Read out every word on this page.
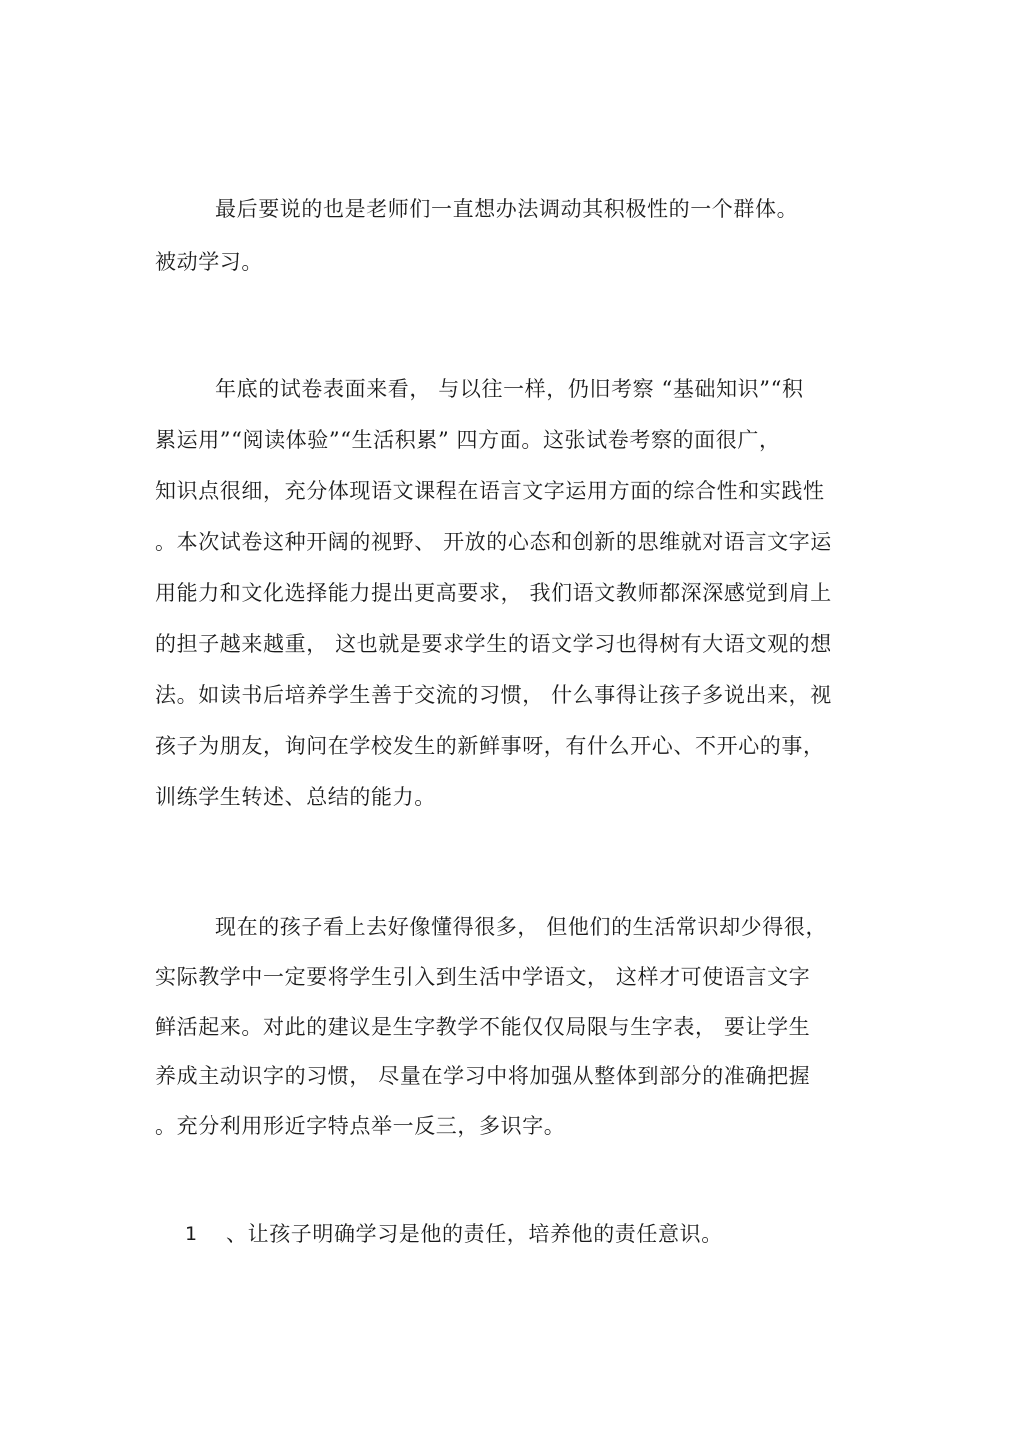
最后要说的也是老师们一直想办法调动其积极性的一个群体。
被动学习。
年底的试卷表面来看， 与以往一样，仍旧考察 “基础知识”“积
累运用”“阅读体验”“生活积累” 四方面。这张试卷考察的面很广，
知识点很细，充分体现语文课程在语言文字运用方面的综合性和实践性
。本次试卷这种开阔的视野、 开放的心态和创新的思维就对语言文字运
用能力和文化选择能力提出更高要求， 我们语文教师都深深感觉到肩上
的担子越来越重， 这也就是要求学生的语文学习也得树有大语文观的想
法。如读书后培养学生善于交流的习惯， 什么事得让孩子多说出来，视
孩子为朋友，询问在学校发生的新鲜事呀，有什么开心、不开心的事，
训练学生转述、总结的能力。
现在的孩子看上去好像懂得很多， 但他们的生活常识却少得很，
实际教学中一定要将学生引入到生活中学语文， 这样才可使语言文字
鲜活起来。对此的建议是生字教学不能仅仅局限与生字表， 要让学生
养成主动识字的习惯， 尽量在学习中将加强从整体到部分的准确把握
。充分利用形近字特点举一反三，多识字。
1 、让孩子明确学习是他的责任，培养他的责任意识。
